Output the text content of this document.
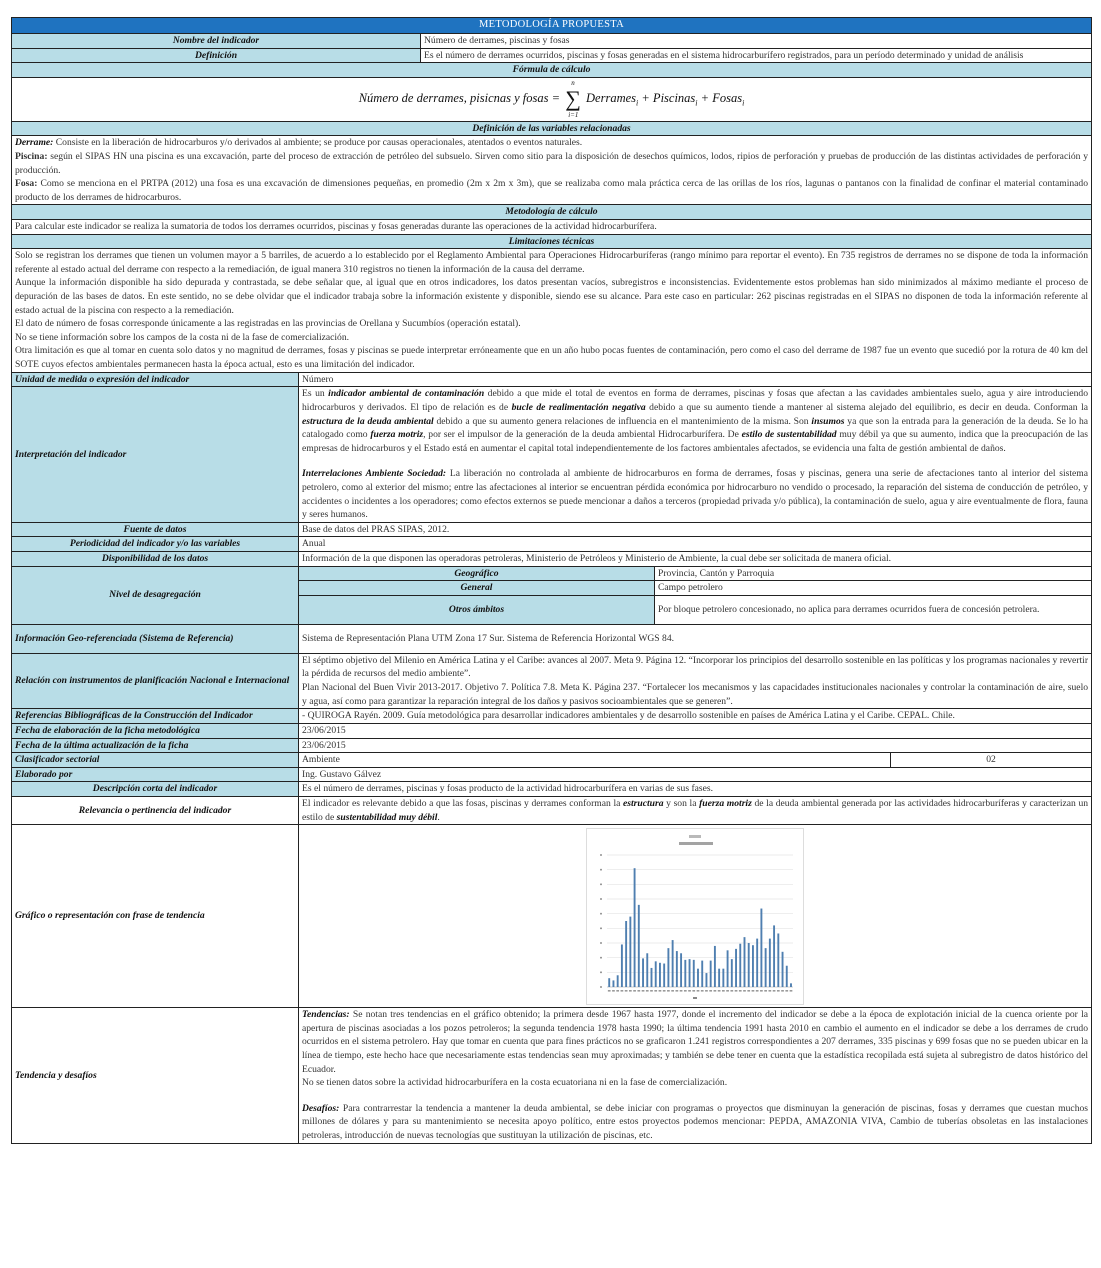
METODOLOGÍA PROPUESTA				
Nombre del indicador		Número de derrames, piscinas y fosas		
Definición		Es el número de derrames ocurridos, piscinas y fosas generadas en el sistema hidrocarburífero registrados, para un período determinado y unidad de análisis		
Fórmula de cálculo				
Número de derrames, pisicnas y fosas = ∑
n
i=1
Derrames$_i$ + Piscinas$_i$ + Fosas$_i$
Definición de las variables relacionadas				

Derrame: Consiste en la liberación de hidrocarburos y/o derivados al ambiente; se produce por causas operacionales, atentados o eventos naturales.

Piscina: según el SIPAS HN una piscina es una excavación, parte del proceso de extracción de petróleo del subsuelo. Sirven como sitio para la disposición de desechos químicos, lodos, ripios de perforación y pruebas de producción de las distintas actividades de perforación y producción.

Fosa: Como se menciona en el PRTPA (2012) una fosa es una excavación de dimensiones pequeñas, en promedio (2m x 2m x 3m), que se realizaba como mala práctica cerca de las orillas de los ríos, lagunas o pantanos con la finalidad de confinar el material contaminado producto de los derrames de hidrocarburos.				

Metodología de cálculo				
Para calcular este indicador se realiza la sumatoria de todos los derrames ocurridos, piscinas y fosas generadas durante las operaciones de la actividad hidrocarburífera.				
Limitaciones técnicas				

Solo se registran los derrames que tienen un volumen mayor a 5 barriles, de acuerdo a lo establecido por el Reglamento Ambiental para Operaciones Hidrocarburíferas (rango mínimo para reportar el evento). En 735 registros de derrames no se dispone de toda la información referente al estado actual del derrame con respecto a la remediación, de igual manera 310 registros no tienen la información de la causa del derrame.

Aunque la información disponible ha sido depurada y contrastada, se debe señalar que, al igual que en otros indicadores, los datos presentan vacíos, subregistros e inconsistencias. Evidentemente estos problemas han sido minimizados al máximo mediante el proceso de depuración de las bases de datos. En este sentido, no se debe olvidar que el indicador trabaja sobre la información existente y disponible, siendo ese su alcance. Para este caso en particular: 262 piscinas registradas en el SIPAS no disponen de toda la información referente al estado actual de la piscina con respecto a la remediación.

El dato de número de fosas corresponde únicamente a las registradas en las provincias de Orellana y Sucumbíos (operación estatal).

No se tiene información sobre los campos de la costa ni de la fase de comercialización.

Otra limitación es que al tomar en cuenta solo datos y no magnitud de derrames, fosas y piscinas se puede interpretar erróneamente que en un año hubo pocas fuentes de contaminación, pero como el caso del derrame de 1987 fue un evento que sucedió por la rotura de 40 km del SOTE cuyos efectos ambientales permanecen hasta la época actual, esto es una limitación del indicador.				

Unidad de medida o expresión del indicador	Número			
Interpretación del indicador	Es un indicador ambiental de contaminación debido a que mide el total de eventos en forma de derrames, piscinas y fosas que afectan a las cavidades ambientales suelo, agua y aire introduciendo hidrocarburos y derivados. El tipo de relación es de bucle de realimentación negativa debido a que su aumento tiende a mantener al sistema alejado del equilibrio, es decir en deuda. Conforman la estructura de la deuda ambiental debido a que su aumento genera relaciones de influencia en el mantenimiento de la misma. Son insumos ya que son la entrada para la generación de la deuda. Se lo ha catalogado como fuerza motriz, por ser el impulsor de la generación de la deuda ambiental Hidrocarburífera. De estilo de sustentabilidad muy débil ya que su aumento, indica que la preocupación de las empresas de hidrocarburos y el Estado está en aumentar el capital total independientemente de los factores ambientales afectados, se evidencia una falta de gestión ambiental de daños.

Interrelaciones Ambiente Sociedad: La liberación no controlada al ambiente de hidrocarburos en forma de derrames, fosas y piscinas, genera una serie de afectaciones tanto al interior del sistema petrolero, como al exterior del mismo; entre las afectaciones al interior se encuentran pérdida económica por hidrocarburo no vendido o procesado, la reparación del sistema de conducción de petróleo, y accidentes o incidentes a los operadores; como efectos externos se puede mencionar a daños a terceros (propiedad privada y/o pública), la contaminación de suelo, agua y aire eventualmente de flora, fauna y seres humanos.			

Fuente de datos	Base de datos del PRAS SIPAS, 2012.			
Periodicidad del indicador y/o las variables	Anual			
Disponibilidad de los datos	Información de la que disponen las operadoras petroleras, Ministerio de Petróleos y Ministerio de Ambiente, la cual debe ser solicitada de manera oficial.			
Nivel de desagregación	Geográfico		Provincia, Cantón y Parroquia	
	General		Campo petrolero	
	Otros ámbitos		Por bloque petrolero concesionado, no aplica para derrames ocurridos fuera de concesión petrolera.	
Información Geo-referenciada (Sistema de Referencia)	Sistema de Representación Plana UTM Zona 17 Sur. Sistema de Referencia Horizontal WGS 84.			
Relación con instrumentos de planificación Nacional e Internacional	El séptimo objetivo del Milenio en América Latina y el Caribe: avances al 2007. Meta 9. Página 12. “Incorporar los principios del desarrollo sostenible en las políticas y los programas nacionales y revertir la pérdida de recursos del medio ambiente”.

Plan Nacional del Buen Vivir 2013-2017. Objetivo 7. Política 7.8. Meta K. Página 237. “Fortalecer los mecanismos y las capacidades institucionales nacionales y controlar la contaminación de aire, suelo y agua, así como para garantizar la reparación integral de los daños y pasivos socioambientales que se generen”.			

Referencias Bibliográficas de la Construcción del Indicador	- QUIROGA Rayén. 2009. Guía metodológica para desarrollar indicadores ambientales y de desarrollo sostenible en países de América Latina y el Caribe. CEPAL. Chile.			
Fecha de elaboración de la ficha metodológica	23/06/2015			
Fecha de la última actualización de la ficha	23/06/2015			
Clasificador sectorial	Ambiente			02
Elaborado por	Ing. Gustavo Gálvez			
Descripción corta del indicador	Es el número de derrames, piscinas y fosas producto de la actividad hidrocarburífera en varias de sus fases.			
Relevancia o pertinencia del indicador	El indicador es relevante debido a que las fosas, piscinas y derrames conforman la estructura y son la fuerza motriz de la deuda ambiental generada por las actividades hidrocarburíferas y caracterizan un estilo de sustentabilidad muy débil.			
Gráfico o representación con frase de tendencia	
Tendencia y desafíos	Tendencias: Se notan tres tendencias en el gráfico obtenido; la primera desde 1967 hasta 1977, donde el incremento del indicador se debe a la época de explotación inicial de la cuenca oriente por la apertura de piscinas asociadas a los pozos petroleros; la segunda tendencia 1978 hasta 1990; la última tendencia 1991 hasta 2010 en cambio el aumento en el indicador se debe a los derrames de crudo ocurridos en el sistema petrolero. Hay que tomar en cuenta que para fines prácticos no se graficaron 1.241 registros correspondientes a 207 derrames, 335 piscinas y 699 fosas que no se pueden ubicar en la línea de tiempo, este hecho hace que necesariamente estas tendencias sean muy aproximadas; y también se debe tener en cuenta que la estadística recopilada está sujeta al subregistro de datos histórico del Ecuador.

No se tienen datos sobre la actividad hidrocarburífera en la costa ecuatoriana ni en la fase de comercialización.

Desafíos: Para contrarrestar la tendencia a mantener la deuda ambiental, se debe iniciar con programas o proyectos que disminuyan la generación de piscinas, fosas y derrames que cuestan muchos millones de dólares y para su mantenimiento se necesita apoyo político, entre estos proyectos podemos mencionar: PEPDA, AMAZONIA VIVA, Cambio de tuberías obsoletas en las instalaciones petroleras, introducción de nuevas tecnologías que sustituyan la utilización de piscinas, etc.			
